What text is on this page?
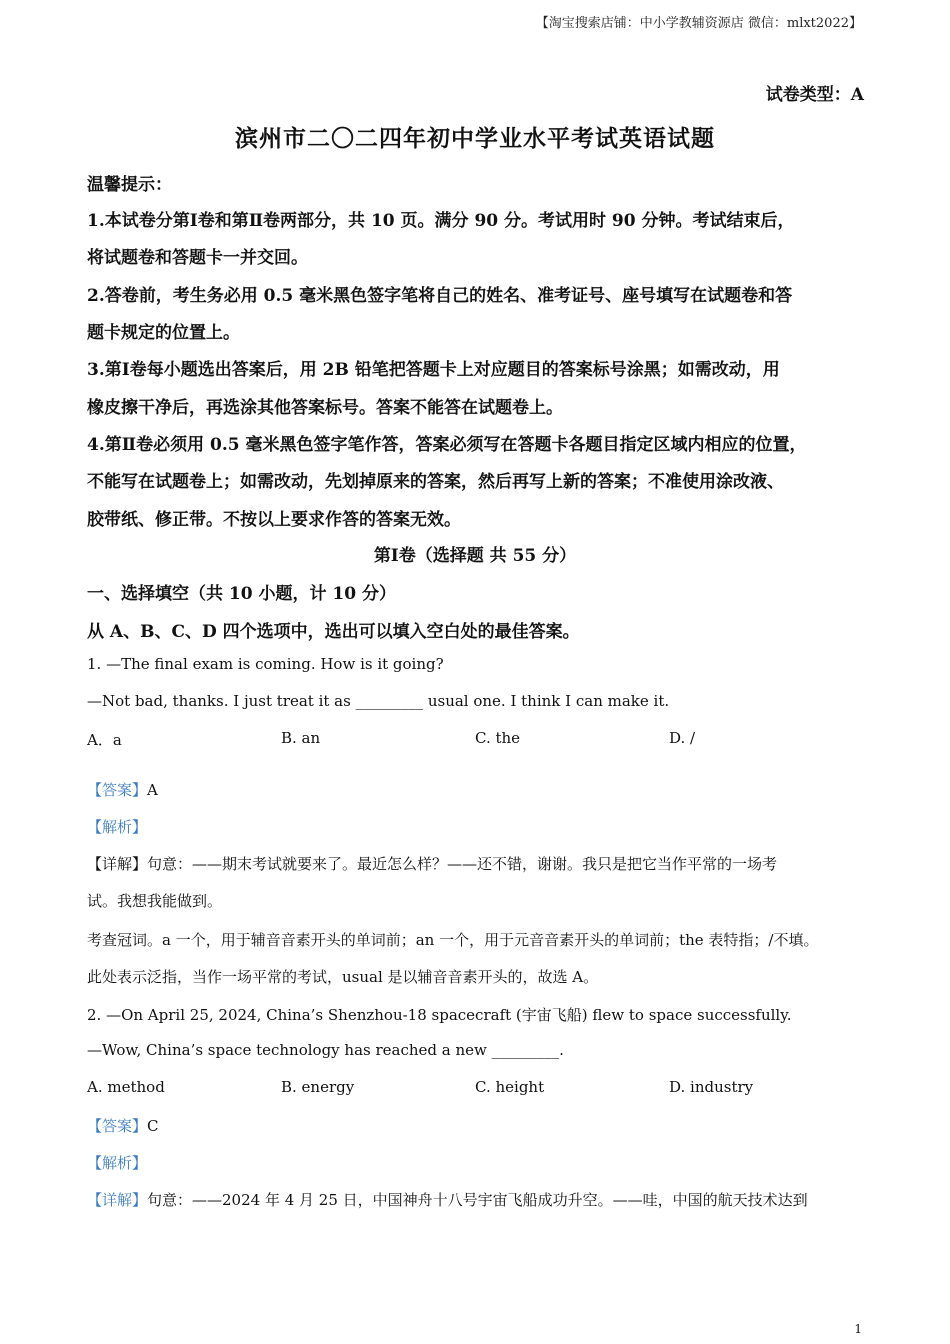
【淘宝搜索店铺：中小学教辅资源店 微信：mlxt2022】
试卷类型：A
滨州市二〇二四年初中学业水平考试英语试题
温馨提示：
1.本试卷分第Ⅰ卷和第Ⅱ卷两部分，共 10 页。满分 90 分。考试用时 90 分钟。考试结束后，
将试题卷和答题卡一并交回。
2.答卷前，考生务必用 0.5 毫米黑色签字笔将自己的姓名、准考证号、座号填写在试题卷和答
题卡规定的位置上。
3.第Ⅰ卷每小题选出答案后，用 2B 铅笔把答题卡上对应题目的答案标号涂黑；如需改动，用
橡皮擦干净后，再选涂其他答案标号。答案不能答在试题卷上。
4.第Ⅱ卷必须用 0.5 毫米黑色签字笔作答，答案必须写在答题卡各题目指定区域内相应的位置，
不能写在试题卷上；如需改动，先划掉原来的答案，然后再写上新的答案；不准使用涂改液、
胶带纸、修正带。不按以上要求作答的答案无效。
第Ⅰ卷（选择题 共 55 分）
一、选择填空（共 10 小题，计 10 分）
从 A、B、C、D 四个选项中，选出可以填入空白处的最佳答案。
1. —The final exam is coming. How is it going?
—Not bad, thanks. I just treat it as _________ usual one. I think I can make it.
A．a	B. an	C. the	D. /
【答案】A
【解析】
【详解】句意：——期末考试就要来了。最近怎么样？——还不错，谢谢。我只是把它当作平常的一场考
试。我想我能做到。
考查冠词。a 一个，用于辅音音素开头的单词前；an 一个，用于元音音素开头的单词前；the 表特指；/不填。
此处表示泛指，当作一场平常的考试，usual 是以辅音音素开头的，故选 A。
2. —On April 25, 2024, China’s Shenzhou-18 spacecraft (宇宙飞船) flew to space successfully.
—Wow, China’s space technology has reached a new _________.
A. method	B. energy	C. height	D. industry
【答案】C
【解析】
【详解】句意：——2024 年 4 月 25 日，中国神舟十八号宇宙飞船成功升空。——哇，中国的航天技术达到
1
